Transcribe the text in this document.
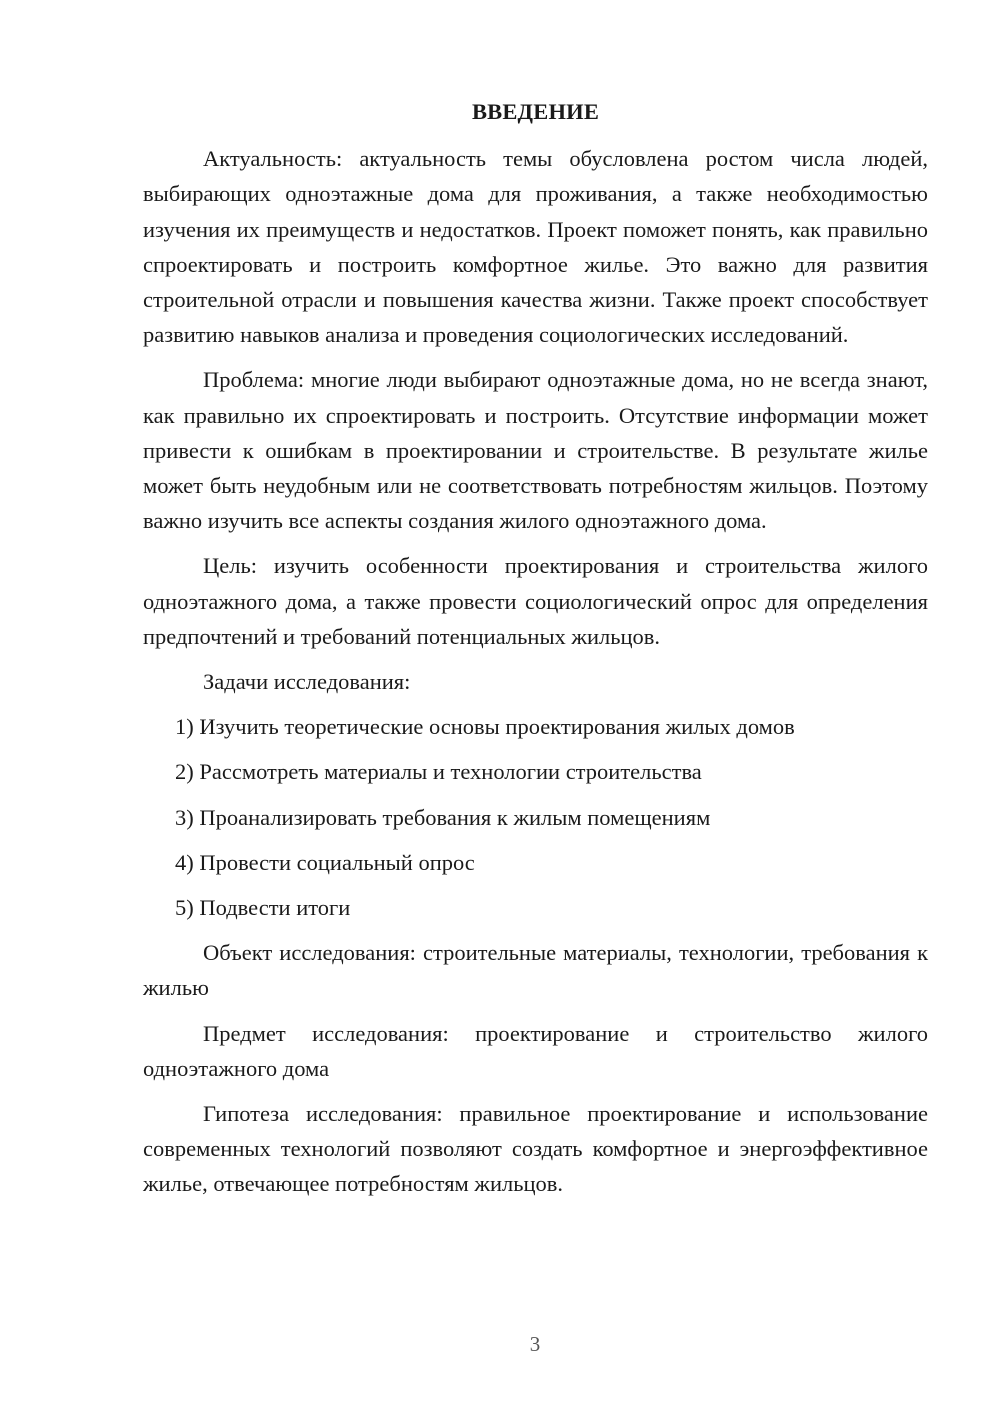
ВВЕДЕНИЕ

Актуальность: актуальность темы обусловлена ростом числа людей, выбирающих одноэтажные дома для проживания, а также необходимостью изучения их преимуществ и недостатков. Проект поможет понять, как правильно спроектировать и построить комфортное жилье. Это важно для развития строительной отрасли и повышения качества жизни. Также проект способствует развитию навыков анализа и проведения социологических исследований.

Проблема: многие люди выбирают одноэтажные дома, но не всегда знают, как правильно их спроектировать и построить. Отсутствие информации может привести к ошибкам в проектировании и строительстве. В результате жилье может быть неудобным или не соответствовать потребностям жильцов. Поэтому важно изучить все аспекты создания жилого одноэтажного дома.

Цель: изучить особенности проектирования и строительства жилого одноэтажного дома, а также провести социологический опрос для определения предпочтений и требований потенциальных жильцов.

Задачи исследования:

1) Изучить теоретические основы проектирования жилых домов
2) Рассмотреть материалы и технологии строительства
3) Проанализировать требования к жилым помещениям
4) Провести социальный опрос
5) Подвести итоги

Объект исследования: строительные материалы, технологии, требования к жилью

Предмет исследования: проектирование и строительство жилого одноэтажного дома

Гипотеза исследования: правильное проектирование и использование современных технологий позволяют создать комфортное и энергоэффективное жилье, отвечающее потребностям жильцов.

3
